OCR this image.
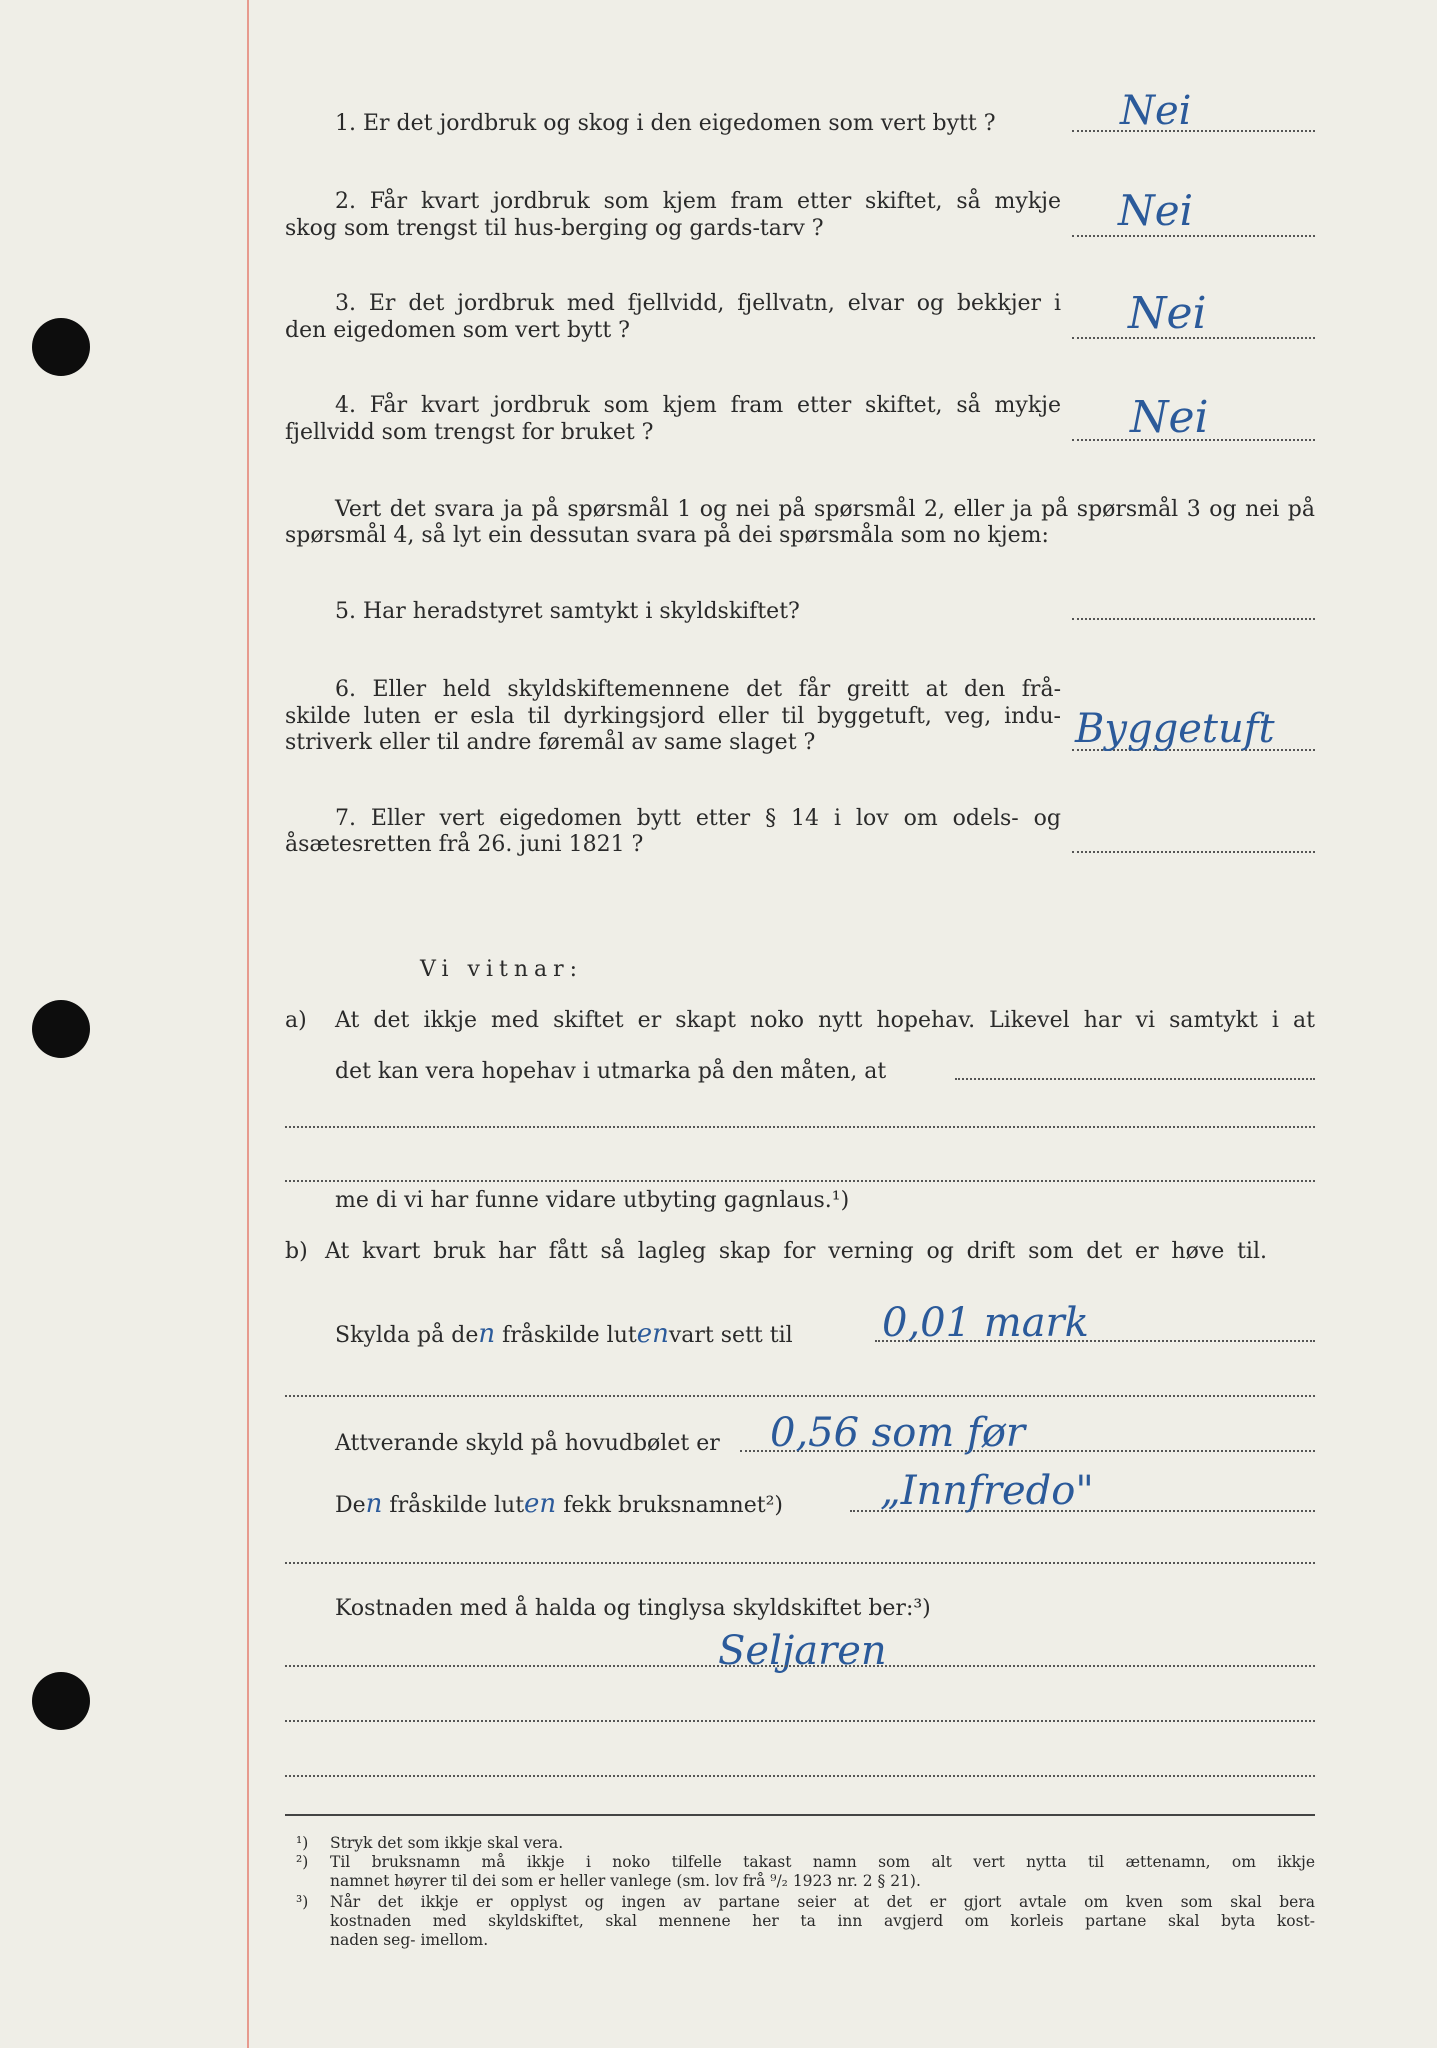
1. Er det jordbruk og skog i den eigedomen som vert bytt ?	Nei
2. Får kvart jordbruk som kjem fram etter skiftet, så mykje
skog som trengst til hus-berging og gards-tarv ?	Nei
3. Er det jordbruk med fjellvidd, fjellvatn, elvar og bekkjer i
den eigedomen som vert bytt ?	Nei
4. Får kvart jordbruk som kjem fram etter skiftet, så mykje
fjellvidd som trengst for bruket ?	Nei
Vert det svara ja på spørsmål 1 og nei på spørsmål 2, eller ja på spørsmål 3 og nei på
spørsmål 4, så lyt ein dessutan svara på dei spørsmåla som no kjem:
5. Har heradstyret samtykt i skyldskiftet?
6. Eller held skyldskiftemennene det får greitt at den frå-
skilde luten er esla til dyrkingsjord eller til byggetuft, veg, indu-
striverk eller til andre føremål av same slaget ?	Byggetuft
7. Eller vert eigedomen bytt etter § 14 i lov om odels- og
åsætesretten frå 26. juni 1821 ?
Vi vitnar:
a) At det ikkje med skiftet er skapt noko nytt hopehav. Likevel har vi samtykt i at
det kan vera hopehav i utmarka på den måten, at
me di vi har funne vidare utbyting gagnlaus.¹)
b) At kvart bruk har fått så lagleg skap for verning og drift som det er høve til.
Skylda på den fråskilde lutenvart sett til 0,01 mark
Attverande skyld på hovudbølet er 0,56 som før
Den fråskilde luten fekk bruksnamnet²) „Innfredo"
Kostnaden med å halda og tinglysa skyldskiftet ber:³)
Seljaren
¹) Stryk det som ikkje skal vera.
²) Til bruksnamn må ikkje i noko tilfelle takast namn som alt vert nytta til ættenamn, om ikkje
namnet høyrer til dei som er heller vanlege (sm. lov frå ⁹/₂ 1923 nr. 2 § 21).
³) Når det ikkje er opplyst og ingen av partane seier at det er gjort avtale om kven som skal bera
kostnaden med skyldskiftet, skal mennene her ta inn avgjerd om korleis partane skal byta kost-
naden seg- imellom.
